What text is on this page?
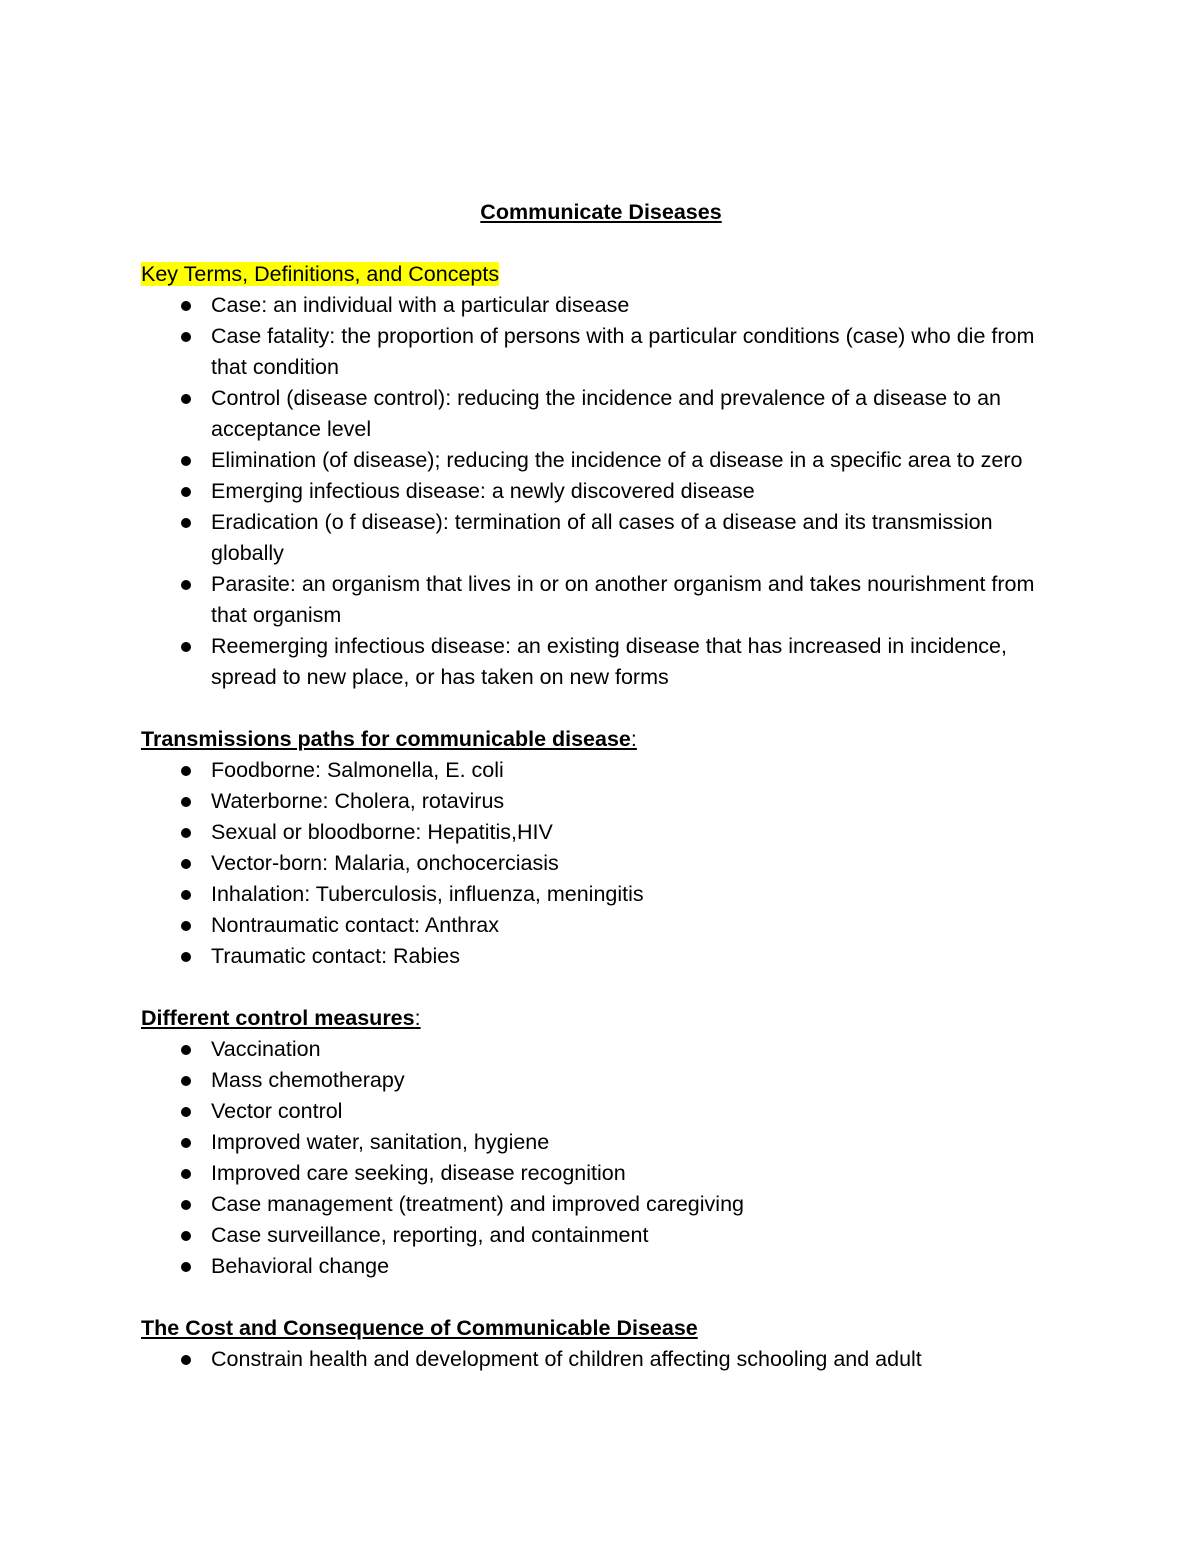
Communicate Diseases

Key Terms, Definitions, and Concepts

Case: an individual with a particular disease
Case fatality: the proportion of persons with a particular conditions (case) who die from that condition
Control (disease control): reducing the incidence and prevalence of a disease to an acceptance level
Elimination (of disease); reducing the incidence of a disease in a specific area to zero
Emerging infectious disease: a newly discovered disease
Eradication (o f disease): termination of all cases of a disease and its transmission globally
Parasite: an organism that lives in or on another organism and takes nourishment from that organism
Reemerging infectious disease: an existing disease that has increased in incidence, spread to new place, or has taken on new forms

Transmissions paths for communicable disease:

Foodborne: Salmonella, E. coli
Waterborne: Cholera, rotavirus
Sexual or bloodborne: Hepatitis,HIV
Vector-born: Malaria, onchocerciasis
Inhalation: Tuberculosis, influenza, meningitis
Nontraumatic contact: Anthrax
Traumatic contact: Rabies

Different control measures:

Vaccination
Mass chemotherapy
Vector control
Improved water, sanitation, hygiene
Improved care seeking, disease recognition
Case management (treatment) and improved caregiving
Case surveillance, reporting, and containment
Behavioral change

The Cost and Consequence of Communicable Disease

Constrain health and development of children affecting schooling and adult
